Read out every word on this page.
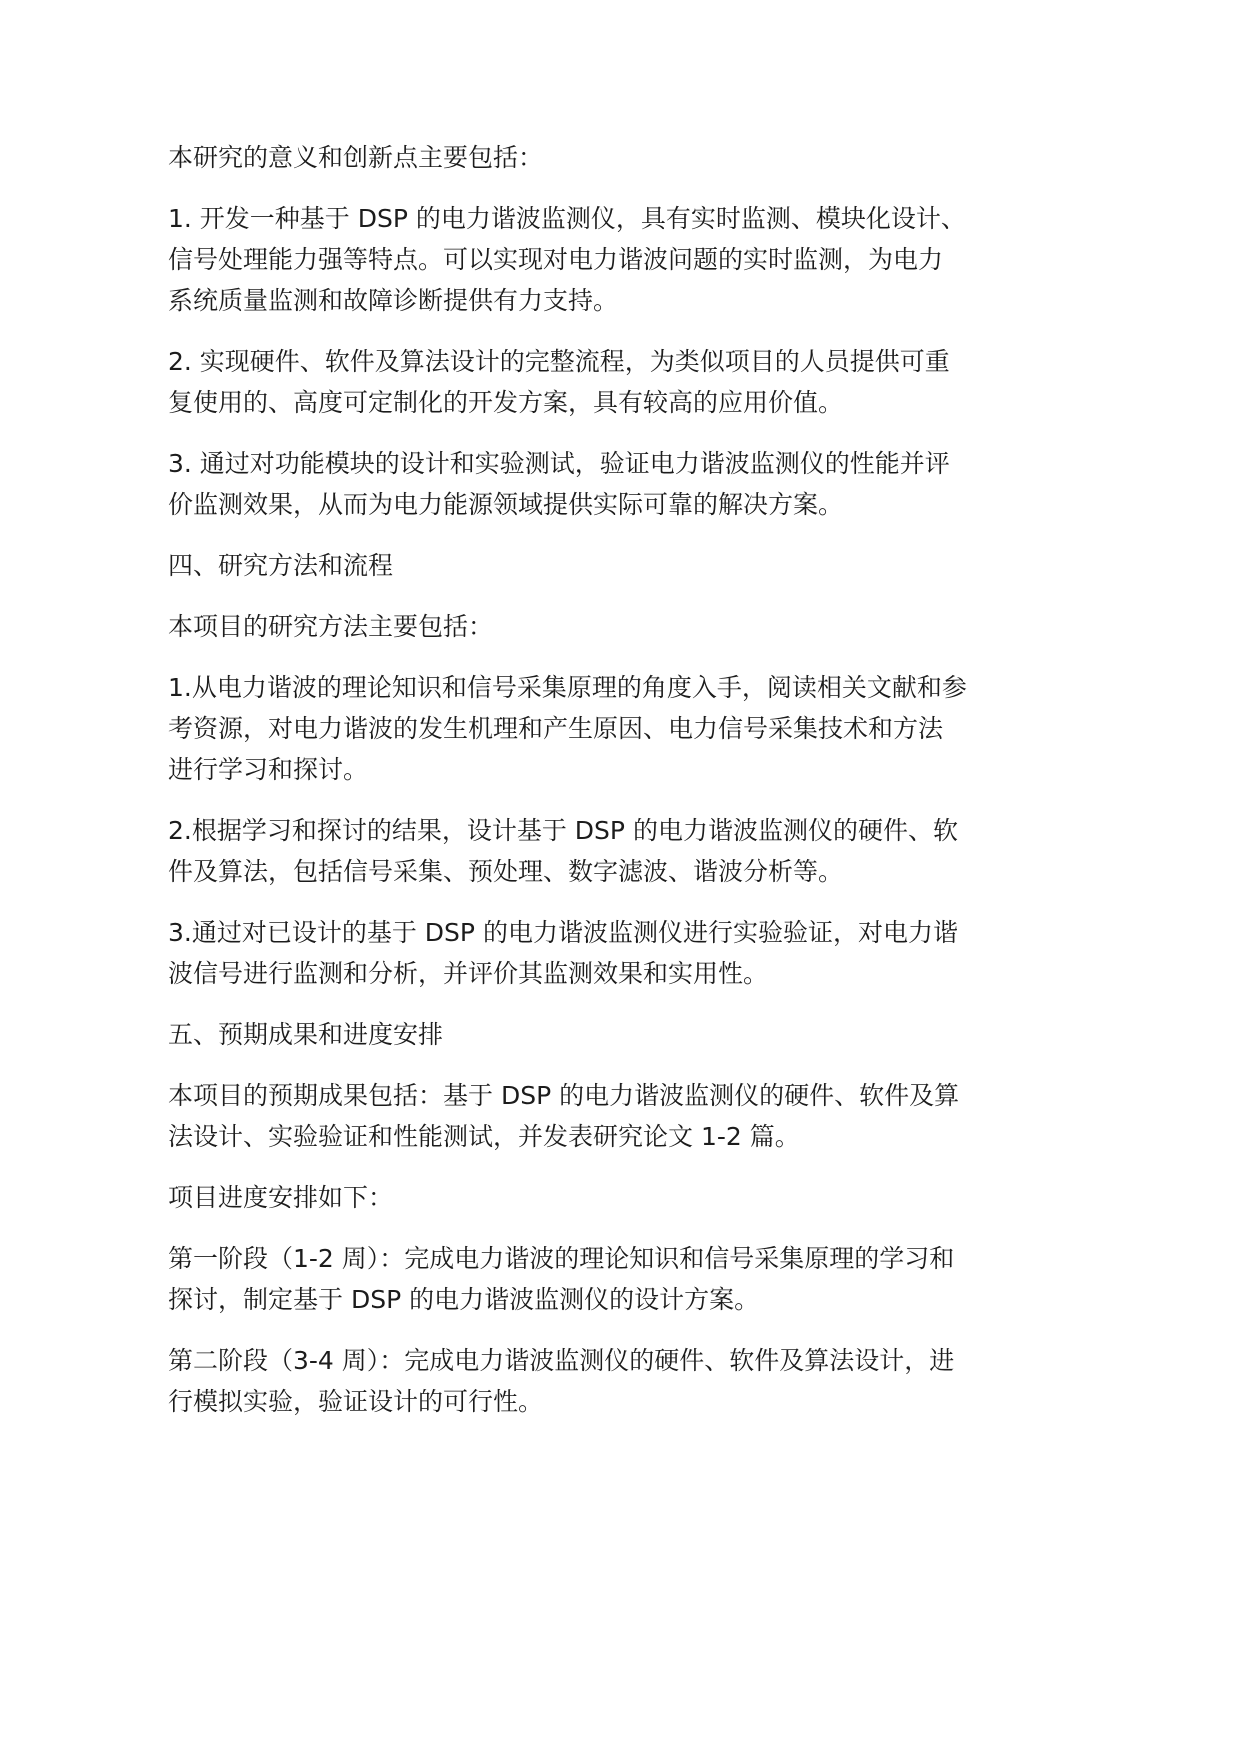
本研究的意义和创新点主要包括：

1. 开发一种基于 DSP 的电力谐波监测仪，具有实时监测、模块化设计、
信号处理能力强等特点。可以实现对电力谐波问题的实时监测，为电力
系统质量监测和故障诊断提供有力支持。

2. 实现硬件、软件及算法设计的完整流程，为类似项目的人员提供可重
复使用的、高度可定制化的开发方案，具有较高的应用价值。

3. 通过对功能模块的设计和实验测试，验证电力谐波监测仪的性能并评
价监测效果，从而为电力能源领域提供实际可靠的解决方案。

四、研究方法和流程

本项目的研究方法主要包括：

1.从电力谐波的理论知识和信号采集原理的角度入手，阅读相关文献和参
考资源，对电力谐波的发生机理和产生原因、电力信号采集技术和方法
进行学习和探讨。

2.根据学习和探讨的结果，设计基于 DSP 的电力谐波监测仪的硬件、软
件及算法，包括信号采集、预处理、数字滤波、谐波分析等。

3.通过对已设计的基于 DSP 的电力谐波监测仪进行实验验证，对电力谐
波信号进行监测和分析，并评价其监测效果和实用性。

五、预期成果和进度安排

本项目的预期成果包括：基于 DSP 的电力谐波监测仪的硬件、软件及算
法设计、实验验证和性能测试，并发表研究论文 1-2 篇。

项目进度安排如下：

第一阶段（1-2 周）：完成电力谐波的理论知识和信号采集原理的学习和
探讨，制定基于 DSP 的电力谐波监测仪的设计方案。

第二阶段（3-4 周）：完成电力谐波监测仪的硬件、软件及算法设计，进
行模拟实验，验证设计的可行性。
